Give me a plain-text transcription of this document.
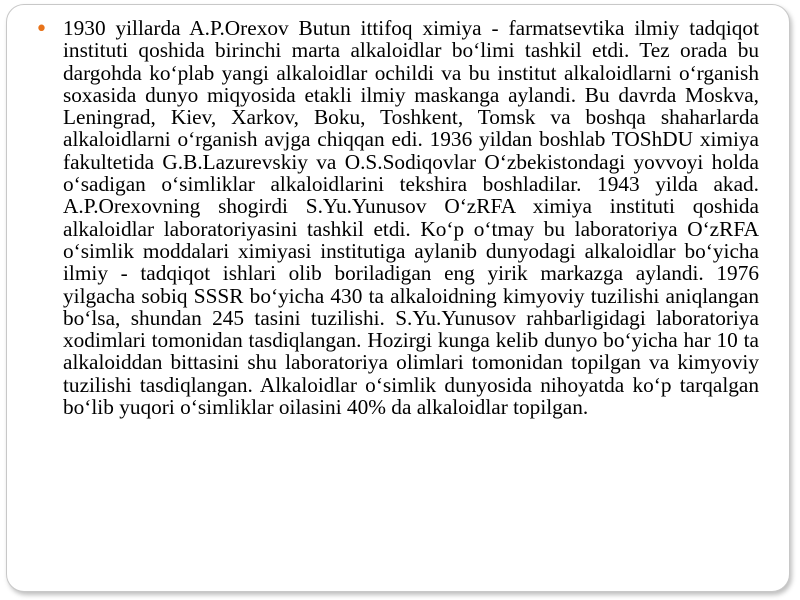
• 1930 yillarda A.P.Orexov Butun ittifoq ximiya - farmatsevtika ilmiy tadqiqot instituti qoshida birinchi marta alkaloidlar bo‘limi tashkil etdi. Tez orada bu dargohda ko‘plab yangi alkaloidlar ochildi va bu institut alkaloidlarni o‘rganish soxasida dunyo miqyosida etakli ilmiy maskanga aylandi. Bu davrda Moskva, Leningrad, Kiev, Xarkov, Boku, Toshkent, Tomsk va boshqa shaharlarda alkaloidlarni o‘rganish avjga chiqqan edi. 1936 yildan boshlab TOShDU ximiya fakultetida G.B.Lazurevskiy va O.S.Sodiqovlar O‘zbekistondagi yovvoyi holda o‘sadigan o‘simliklar alkaloidlarini tekshira boshladilar. 1943 yilda akad. A.P.Orexovning shogirdi S.Yu.Yunusov O‘zRFA ximiya instituti qoshida alkaloidlar laboratoriyasini tashkil etdi. Ko‘p o‘tmay bu laboratoriya O‘zRFA o‘simlik moddalari ximiyasi institutiga aylanib dunyodagi alkaloidlar bo‘yicha ilmiy - tadqiqot ishlari olib boriladigan eng yirik markazga aylandi. 1976 yilgacha sobiq SSSR bo‘yicha 430 ta alkaloidning kimyoviy tuzilishi aniqlangan bo‘lsa, shundan 245 tasini tuzilishi. S.Yu.Yunusov rahbarligidagi laboratoriya xodimlari tomonidan tasdiqlangan. Hozirgi kunga kelib dunyo bo‘yicha har 10 ta alkaloiddan bittasini shu laboratoriya olimlari tomonidan topilgan va kimyoviy tuzilishi tasdiqlangan. Alkaloidlar o‘simlik dunyosida nihoyatda ko‘p tarqalgan bo‘lib yuqori o‘simliklar oilasini 40% da alkaloidlar topilgan.
